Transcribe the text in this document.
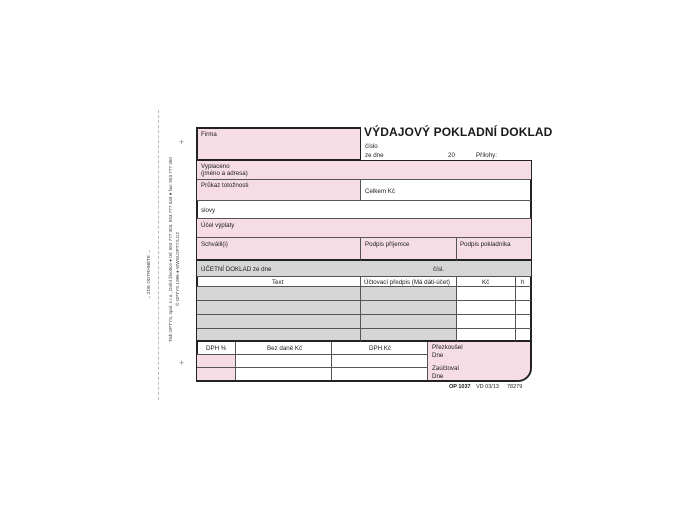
+
+
→ ZDE ODTRHNĚTE →	Tisk OPTYS, spol. s r.o., Dolní Životice ● tel: 553 777 303, 553 777 333 ● fax: 553 777 350 © OPTYS 1996 ● WWW.OPTYS.CZ
Firma	VÝDAJOVÝ POKLADNÍ DOKLAD
číslo
ze dne	20	Přílohy:
Vyplaceno
(jméno a adresa)
Průkaz totožnosti
Celkem Kč
slovy
Účel výplaty
Schválil(i)	Podpis příjemce	Podpis pokladníka
ÚČETNÍ DOKLAD ze dne	čísl.
Text	Účtovací předpis (Má dáti-účet)	Kč	h
DPH %	Bez daně Kč	DPH Kč	Přezkoušel
Dne
Zaúčtoval
Dne
OP 1037 VD 03/13 78279
